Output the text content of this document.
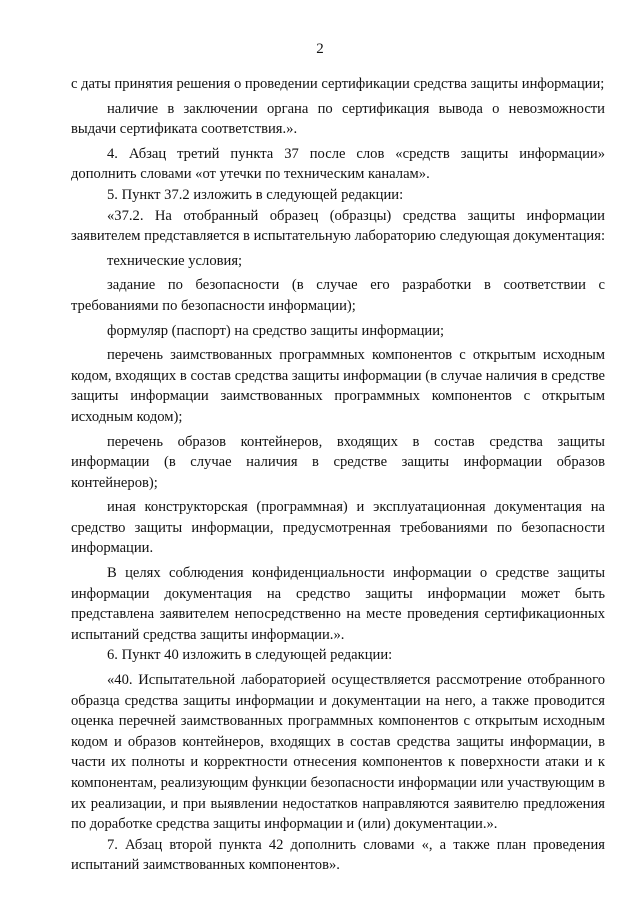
2

с даты принятия решения о проведении сертификации средства защиты информации;

наличие в заключении органа по сертификация вывода о невозможности выдачи сертификата соответствия.».

4. Абзац третий пункта 37 после слов «средств защиты информации» дополнить словами «от утечки по техническим каналам».

5. Пункт 37.2 изложить в следующей редакции:

«37.2. На отобранный образец (образцы) средства защиты информации заявителем представляется в испытательную лабораторию следующая документация:

технические условия;

задание по безопасности (в случае его разработки в соответствии с требованиями по безопасности информации);

формуляр (паспорт) на средство защиты информации;

перечень заимствованных программных компонентов с открытым исходным кодом, входящих в состав средства защиты информации (в случае наличия в средстве защиты информации заимствованных программных компонентов с открытым исходным кодом);

перечень образов контейнеров, входящих в состав средства защиты информации (в случае наличия в средстве защиты информации образов контейнеров);

иная конструкторская (программная) и эксплуатационная документация на средство защиты информации, предусмотренная требованиями по безопасности информации.

В целях соблюдения конфиденциальности информации о средстве защиты информации документация на средство защиты информации может быть представлена заявителем непосредственно на месте проведения сертификационных испытаний средства защиты информации.».

6. Пункт 40 изложить в следующей редакции:

«40. Испытательной лабораторией осуществляется рассмотрение отобранного образца средства защиты информации и документации на него, а также проводится оценка перечней заимствованных программных компонентов с открытым исходным кодом и образов контейнеров, входящих в состав средства защиты информации, в части их полноты и корректности отнесения компонентов к поверхности атаки и к компонентам, реализующим функции безопасности информации или участвующим в их реализации, и при выявлении недостатков направляются заявителю предложения по доработке средства защиты информации и (или) документации.».

7. Абзац второй пункта 42 дополнить словами «, а также план проведения испытаний заимствованных компонентов».
